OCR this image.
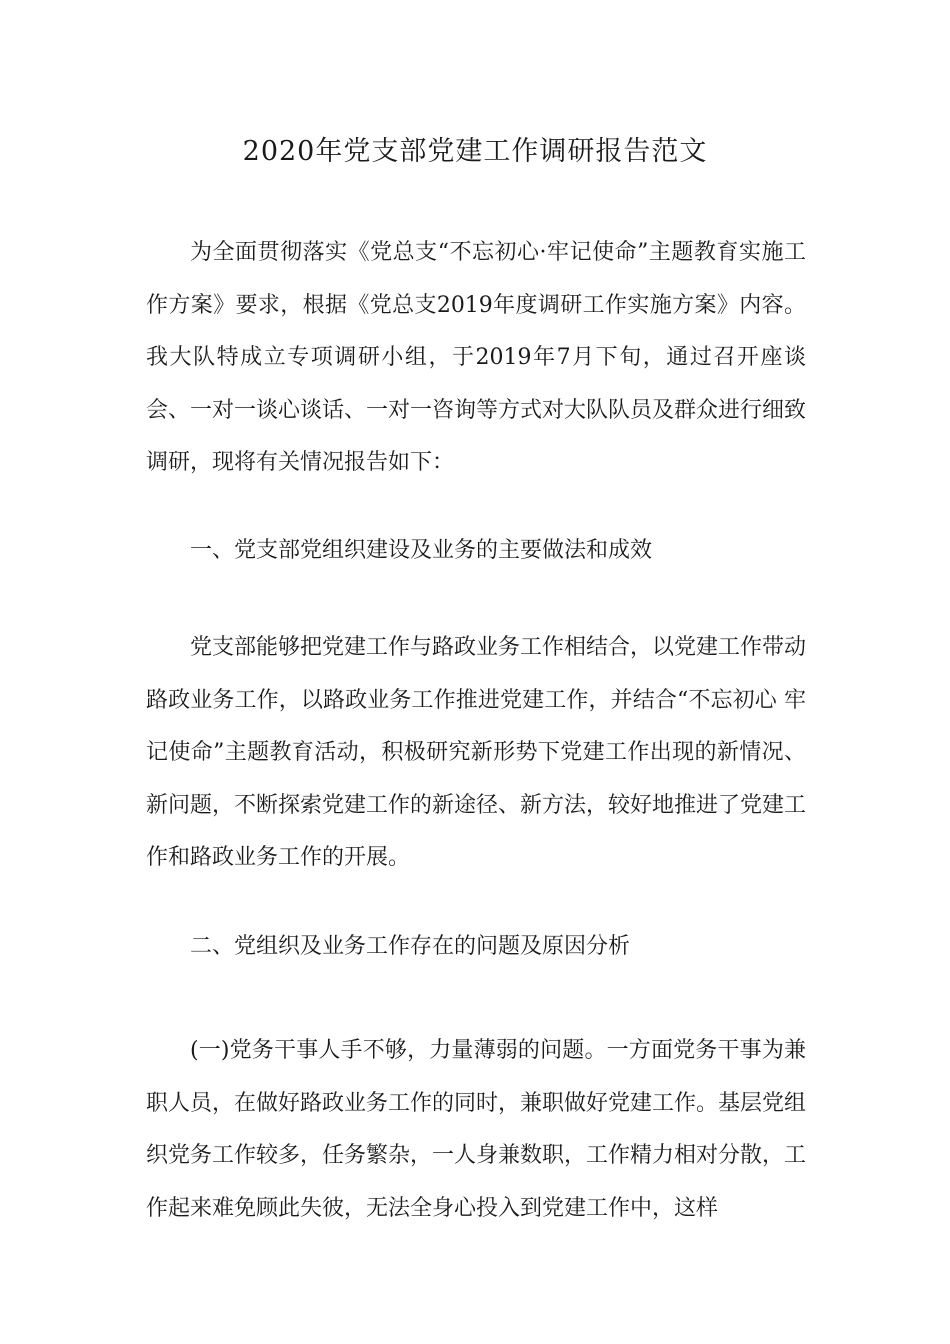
2020年党支部党建工作调研报告范文

为全面贯彻落实《党总支“不忘初心·牢记使命”主题教育实施工作方案》要求，根据《党总支2019年度调研工作实施方案》内容。我大队特成立专项调研小组，于2019年7月下旬，通过召开座谈会、一对一谈心谈话、一对一咨询等方式对大队队员及群众进行细致调研，现将有关情况报告如下：

一、党支部党组织建设及业务的主要做法和成效

党支部能够把党建工作与路政业务工作相结合，以党建工作带动路政业务工作，以路政业务工作推进党建工作，并结合“不忘初心 牢记使命”主题教育活动，积极研究新形势下党建工作出现的新情况、新问题，不断探索党建工作的新途径、新方法，较好地推进了党建工作和路政业务工作的开展。

二、党组织及业务工作存在的问题及原因分析

(一)党务干事人手不够，力量薄弱的问题。一方面党务干事为兼职人员，在做好路政业务工作的同时，兼职做好党建工作。基层党组织党务工作较多，任务繁杂，一人身兼数职，工作精力相对分散，工作起来难免顾此失彼，无法全身心投入到党建工作中，这样
